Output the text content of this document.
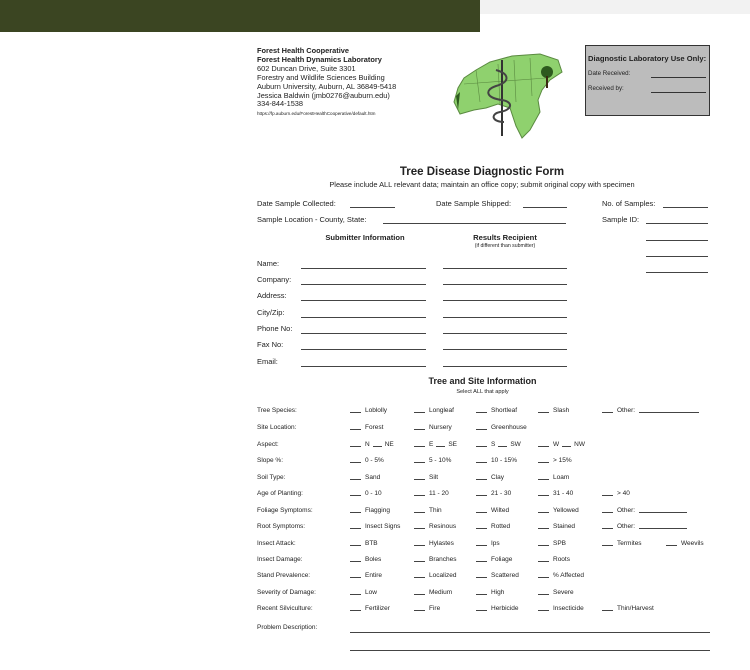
Forest Health Cooperative
Forest Health Dynamics Laboratory
602 Duncan Drive, Suite 3301
Forestry and Wildlife Sciences Building
Auburn University, Auburn, AL 36849-5418
Jessica Baldwin (jmb0276@auburn.edu)
334-844-1538
https://fp.auburn.edu/ForestHealthCooperative/default.htm
Diagnostic Laboratory Use Only:
Date Received:
Received by:
Tree Disease Diagnostic Form
Please include ALL relevant data; maintain an office copy; submit original copy with specimen
Date Sample Collected:	Date Sample Shipped:	No. of Samples:
Sample Location - County, State:	Sample ID:
Submitter Information	Results Recipient
(if different than submitter)
Name:
Company:
Address:
City/Zip:
Phone No:
Fax No:
Email:
Tree and Site Information
Select ALL that apply
Tree Species:	Loblolly	Longleaf	Shortleaf	Slash	Other:
Site Location:	Forest	Nursery	Greenhouse
Aspect:	N NE	E SE	S SW	W NW
Slope %:	0 - 5%	5 - 10%	10 - 15%	> 15%
Soil Type:	Sand	Silt	Clay	Loam
Age of Planting:	0 - 10	11 - 20	21 - 30	31 - 40	> 40
Foliage Symptoms:	Flagging	Thin	Wilted	Yellowed	Other:
Root Symptoms:	Insect Signs	Resinous	Rotted	Stained	Other:
Insect Attack:	BTB	Hylastes	Ips	SPB	Termites	Weevils
Insect Damage:	Boles	Branches	Foliage	Roots
Stand Prevalence:	Entire	Localized	Scattered	% Affected
Severity of Damage:	Low	Medium	High	Severe
Recent Silviculture:	Fertilizer	Fire	Herbicide	Insecticide	Thin/Harvest
Problem Description:
